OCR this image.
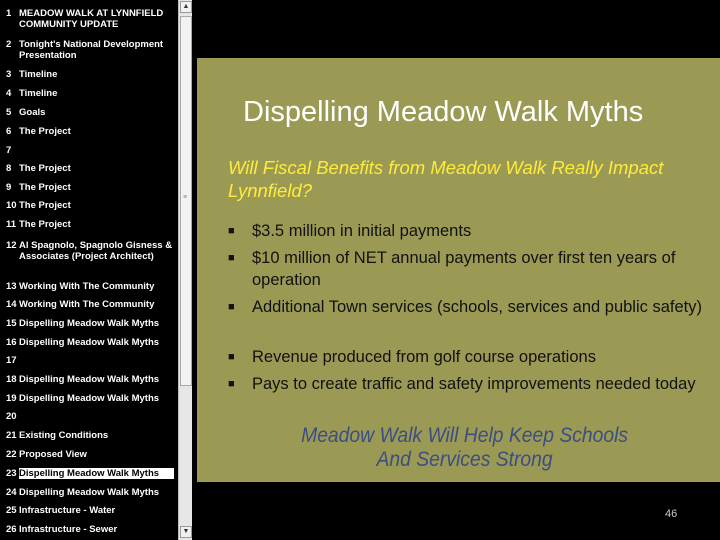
1 MEADOW WALK AT LYNNFIELD COMMUNITY UPDATE
2 Tonight's National Development Presentation
3 Timeline
4 Timeline
5 Goals
6 The Project
7
8 The Project
9 The Project
10 The Project
11 The Project
12 Al Spagnolo, Spagnolo Gisness & Associates (Project Architect)
13 Working With The Community
14 Working With The Community
15 Dispelling Meadow Walk Myths
16 Dispelling Meadow Walk Myths
17
18 Dispelling Meadow Walk Myths
19 Dispelling Meadow Walk Myths
20
21 Existing Conditions
22 Proposed View
23 Dispelling Meadow Walk Myths
24 Dispelling Meadow Walk Myths
25 Infrastructure - Water
26 Infrastructure - Sewer
▲
≡
▼
Dispelling Meadow Walk Myths
Will Fiscal Benefits from Meadow Walk Really Impact Lynnfield?
■ $3.5 million in initial payments
■ $10 million of NET annual payments over first ten years of operation
■ Additional Town services (schools, services and public safety)
■ Revenue produced from golf course operations
■ Pays to create traffic and safety improvements needed today
Meadow Walk Will Help Keep Schools
And Services Strong
46
